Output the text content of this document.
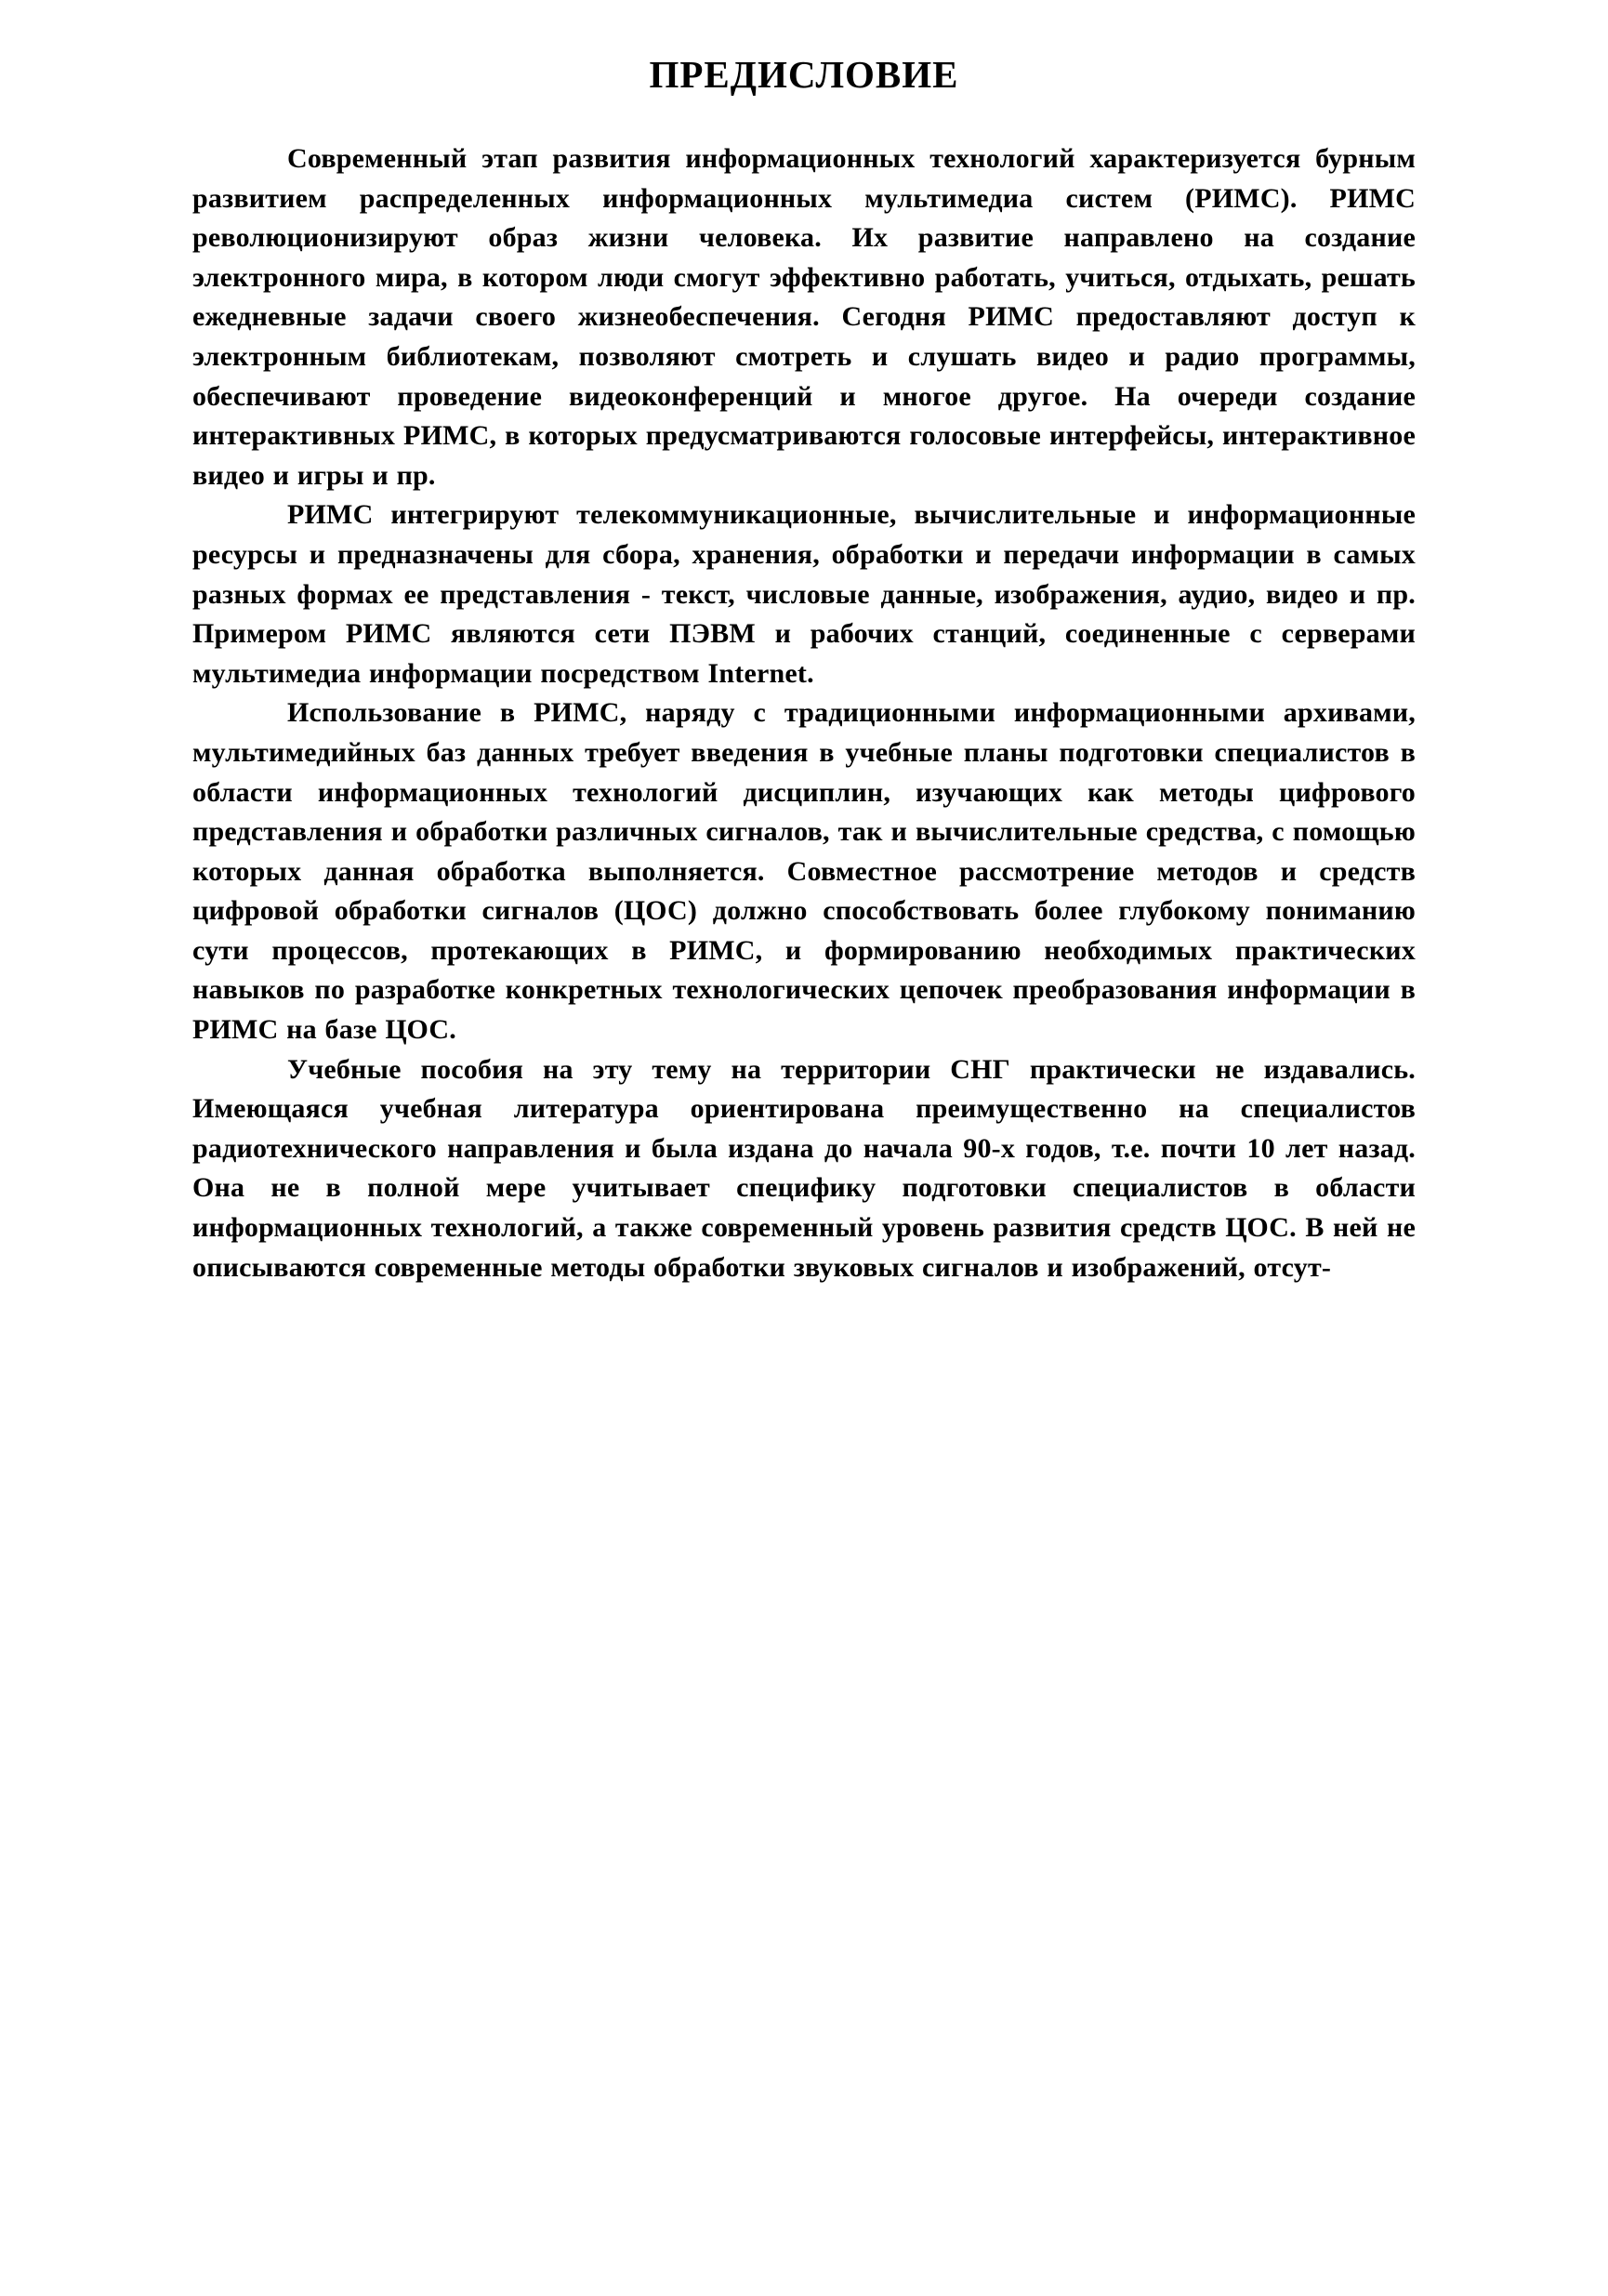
ПРЕДИСЛОВИЕ

Современный этап развития информационных технологий характеризуется бурным развитием распределенных информационных мультимедиа систем (РИМС). РИМС революционизируют образ жизни человека. Их развитие направлено на создание электронного мира, в котором люди смогут эффективно работать, учиться, отдыхать, решать ежедневные задачи своего жизнеобеспечения. Сегодня РИМС предоставляют доступ к электронным библиотекам, позволяют смотреть и слушать видео и радио программы, обеспечивают проведение видеоконференций и многое другое. На очереди создание интерактивных РИМС, в которых предусматриваются голосовые интерфейсы, интерактивное видео и игры и пр.

РИМС интегрируют телекоммуникационные, вычислительные и информационные ресурсы и предназначены для сбора, хранения, обработки и передачи информации в самых разных формах ее представления - текст, числовые данные, изображения, аудио, видео и пр. Примером РИМС являются сети ПЭВМ и рабочих станций, соединенные с серверами мультимедиа информации посредством Internet.

Использование в РИМС, наряду с традиционными информационными архивами, мультимедийных баз данных требует введения в учебные планы подготовки специалистов в области информационных технологий дисциплин, изучающих как методы цифрового представления и обработки различных сигналов, так и вычислительные средства, с помощью которых данная обработка выполняется. Совместное рассмотрение методов и средств цифровой обработки сигналов (ЦОС) должно способствовать более глубокому пониманию сути процессов, протекающих в РИМС, и формированию необходимых практических навыков по разработке конкретных технологических цепочек преобразования информации в РИМС на базе ЦОС.

Учебные пособия на эту тему на территории СНГ практически не издавались. Имеющаяся учебная литература ориентирована преимущественно на специалистов радиотехнического направления и была издана до начала 90-х годов, т.е. почти 10 лет назад. Она не в полной мере учитывает специфику подготовки специалистов в области информационных технологий, а также современный уровень развития средств ЦОС. В ней не описываются современные методы обработки звуковых сигналов и изображений, отсут-
